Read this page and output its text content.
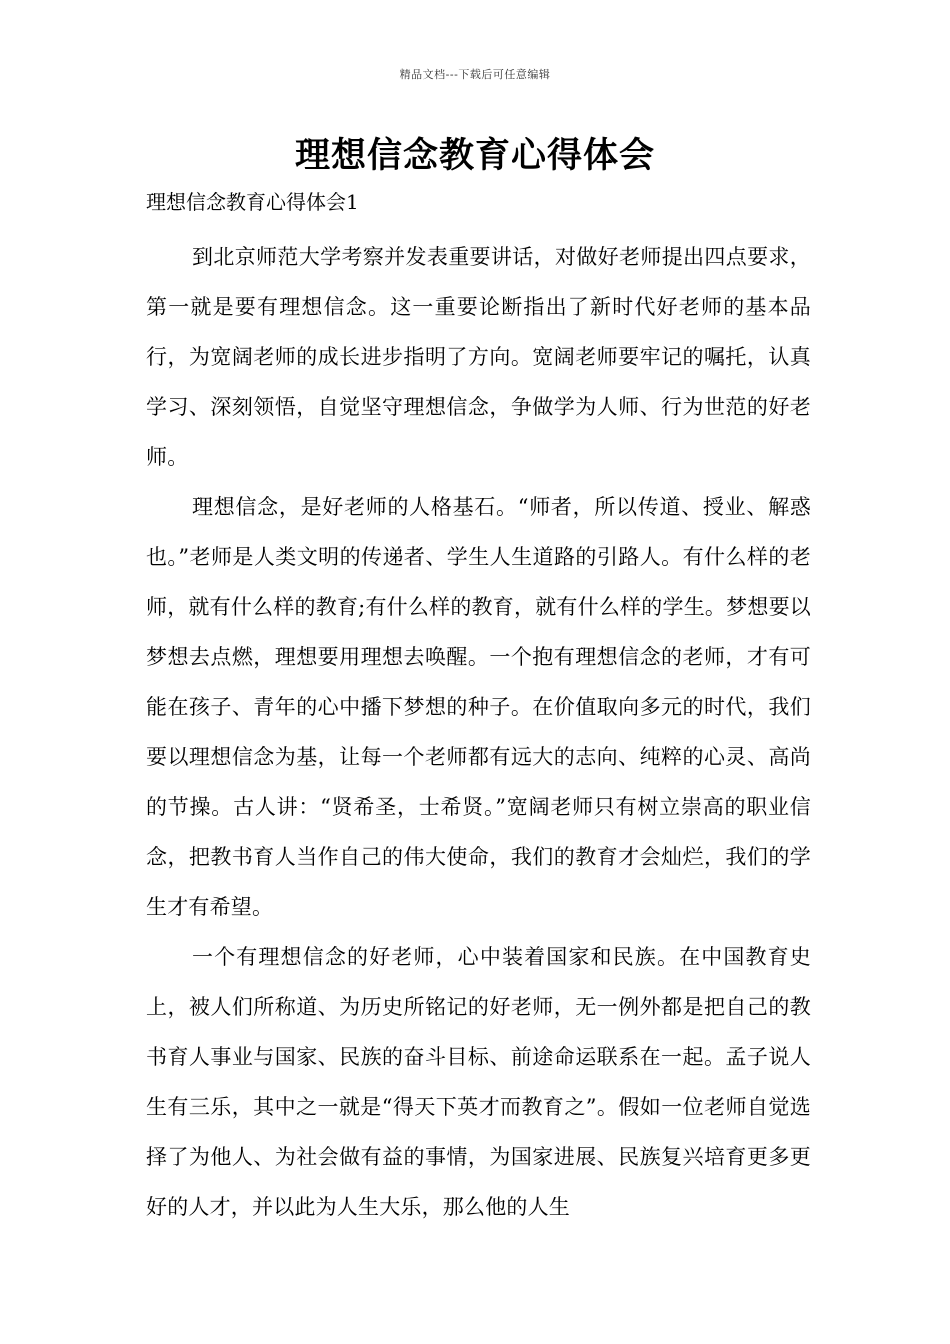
精品文档---下载后可任意编辑
理想信念教育心得体会
理想信念教育心得体会1

到北京师范大学考察并发表重要讲话，对做好老师提出四点要求，第一就是要有理想信念。这一重要论断指出了新时代好老师的基本品行，为宽阔老师的成长进步指明了方向。宽阔老师要牢记的嘱托，认真学习、深刻领悟，自觉坚守理想信念，争做学为人师、行为世范的好老师。

理想信念，是好老师的人格基石。“师者，所以传道、授业、解惑也。”老师是人类文明的传递者、学生人生道路的引路人。有什么样的老师，就有什么样的教育;有什么样的教育，就有什么样的学生。梦想要以梦想去点燃，理想要用理想去唤醒。一个抱有理想信念的老师，才有可能在孩子、青年的心中播下梦想的种子。在价值取向多元的时代，我们要以理想信念为基，让每一个老师都有远大的志向、纯粹的心灵、高尚的节操。古人讲：“贤希圣，士希贤。”宽阔老师只有树立崇高的职业信念，把教书育人当作自己的伟大使命，我们的教育才会灿烂，我们的学生才有希望。

一个有理想信念的好老师，心中装着国家和民族。在中国教育史上，被人们所称道、为历史所铭记的好老师，无一例外都是把自己的教书育人事业与国家、民族的奋斗目标、前途命运联系在一起。孟子说人生有三乐，其中之一就是“得天下英才而教育之”。假如一位老师自觉选择了为他人、为社会做有益的事情，为国家进展、民族复兴培育更多更好的人才，并以此为人生大乐，那么他的人生
